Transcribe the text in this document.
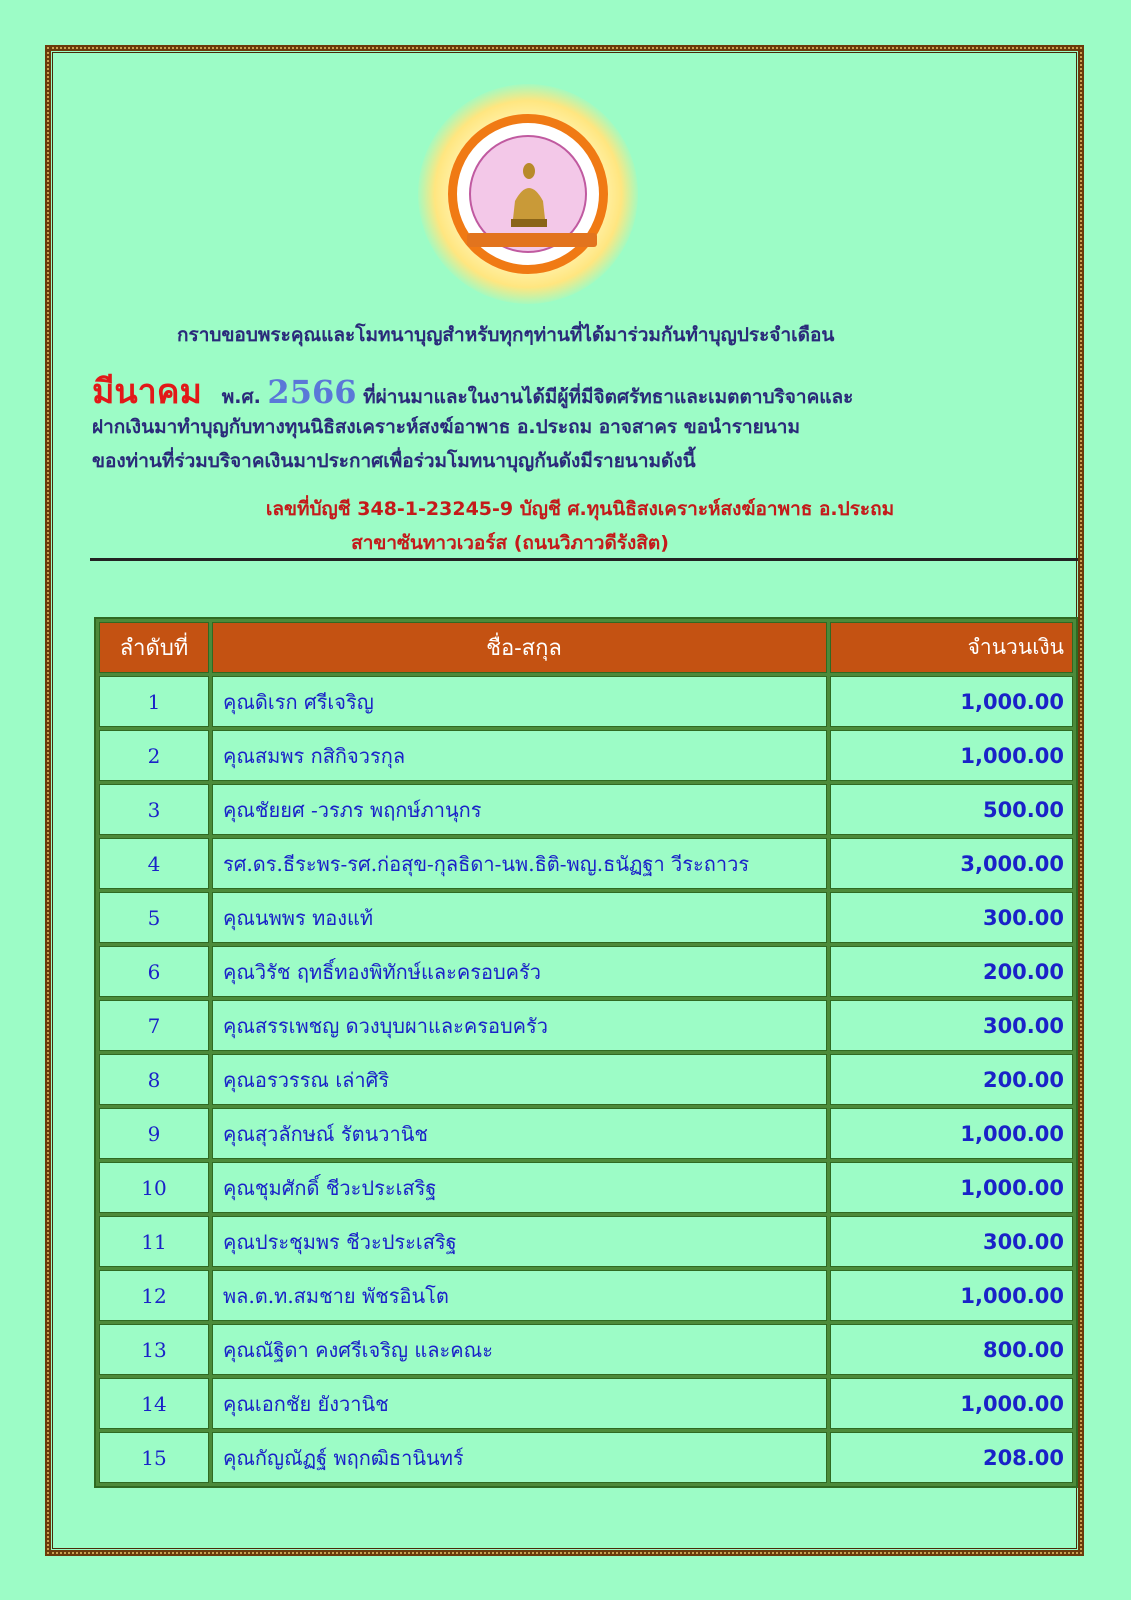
กราบขอบพระคุณและโมทนาบุญสำหรับทุกๆท่านที่ได้มาร่วมกันทำบุญประจำเดือน
มีนาคม พ.ศ. 2566 ที่ผ่านมาและในงานได้มีผู้ที่มีจิตศรัทธาและเมตตาบริจาคและ
ฝากเงินมาทำบุญกับทางทุนนิธิสงเคราะห์สงฆ์อาพาธ อ.ประถม อาจสาคร ขอนำรายนาม
ของท่านที่ร่วมบริจาคเงินมาประกาศเพื่อร่วมโมทนาบุญกันดังมีรายนามดังนี้
เลขที่บัญชี 348-1-23245-9 บัญชี ศ.ทุนนิธิสงเคราะห์สงฆ์อาพาธ อ.ประถม
สาขาซันทาวเวอร์ส (ถนนวิภาวดีรังสิต)
ลำดับที่	ชื่อ-สกุล	จำนวนเงิน
1	คุณดิเรก ศรีเจริญ	1,000.00
2	คุณสมพร กสิกิจวรกุล	1,000.00
3	คุณชัยยศ -วรภร พฤกษ์ภานุกร	500.00
4	รศ.ดร.ธีระพร-รศ.ก่อสุข-กุลธิดา-นพ.ธิติ-พญ.ธนัฏฐา วีระถาวร	3,000.00
5	คุณนพพร ทองแท้	300.00
6	คุณวิรัช ฤทธิ์ทองพิทักษ์และครอบครัว	200.00
7	คุณสรรเพชญ ดวงบุบผาและครอบครัว	300.00
8	คุณอรวรรณ เล่าศิริ	200.00
9	คุณสุวลักษณ์ รัตนวานิช	1,000.00
10	คุณชุมศักดิ์ ชีวะประเสริฐ	1,000.00
11	คุณประชุมพร ชีวะประเสริฐ	300.00
12	พล.ต.ท.สมชาย พัชรอินโต	1,000.00
13	คุณณัฐิดา คงศรีเจริญ และคณะ	800.00
14	คุณเอกชัย ยังวานิช	1,000.00
15	คุณกัญณัฏฐ์ พฤกฒิธานินทร์	208.00
